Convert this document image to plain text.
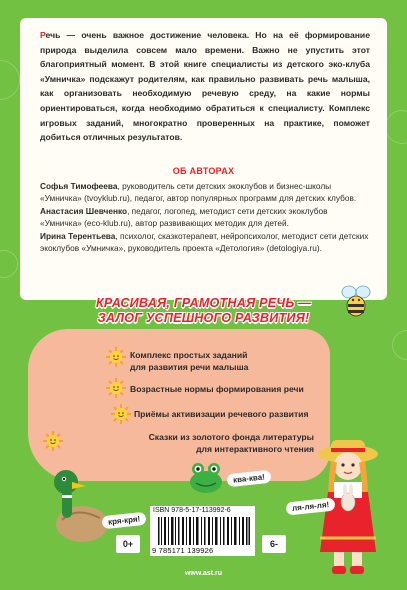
Речь — очень важное достижение человека. Но на её формирование природа выделила совсем мало времени. Важно не упустить этот благоприятный момент. В этой книге специалисты из детского эко-клуба «Умничка» подскажут родителям, как правильно развивать речь малыша, как организовать необходимую речевую среду, на какие нормы ориентироваться, когда необходимо обратиться к специалисту. Комплекс игровых заданий, многократно проверенных на практике, поможет добиться отличных результатов.
ОБ АВТОРАХ

Софья Тимофеева, руководитель сети детских экоклубов и бизнес-школы «Умничка» (tvoyklub.ru), педагог, автор популярных программ для детских клубов.

Анастасия Шевченко, педагог, логопед, методист сети детских экоклубов «Умничка» (eco-klub.ru), автор развивающих методик для детей.

Ирина Терентьева, психолог, сказкотерапевт, нейропсихолог, методист сети детских экоклубов «Умничка», руководитель проекта «Детология» (detologiya.ru).

КРАСИВАЯ, ГРАМОТНАЯ РЕЧЬ —
ЗАЛОГ УСПЕШНОГО РАЗВИТИЯ!
Комплекс простых заданий
для развития речи малыша
Возрастные нормы формирования речи
Приёмы активизации речевого развития
Сказки из золотого фонда литературы
для интерактивного чтения
кря-кря!
ква-ква!
ля-ля-ля!
ISBN 978-5-17-113992-6
9 785171 139926
0+	6-
www.ast.ru
